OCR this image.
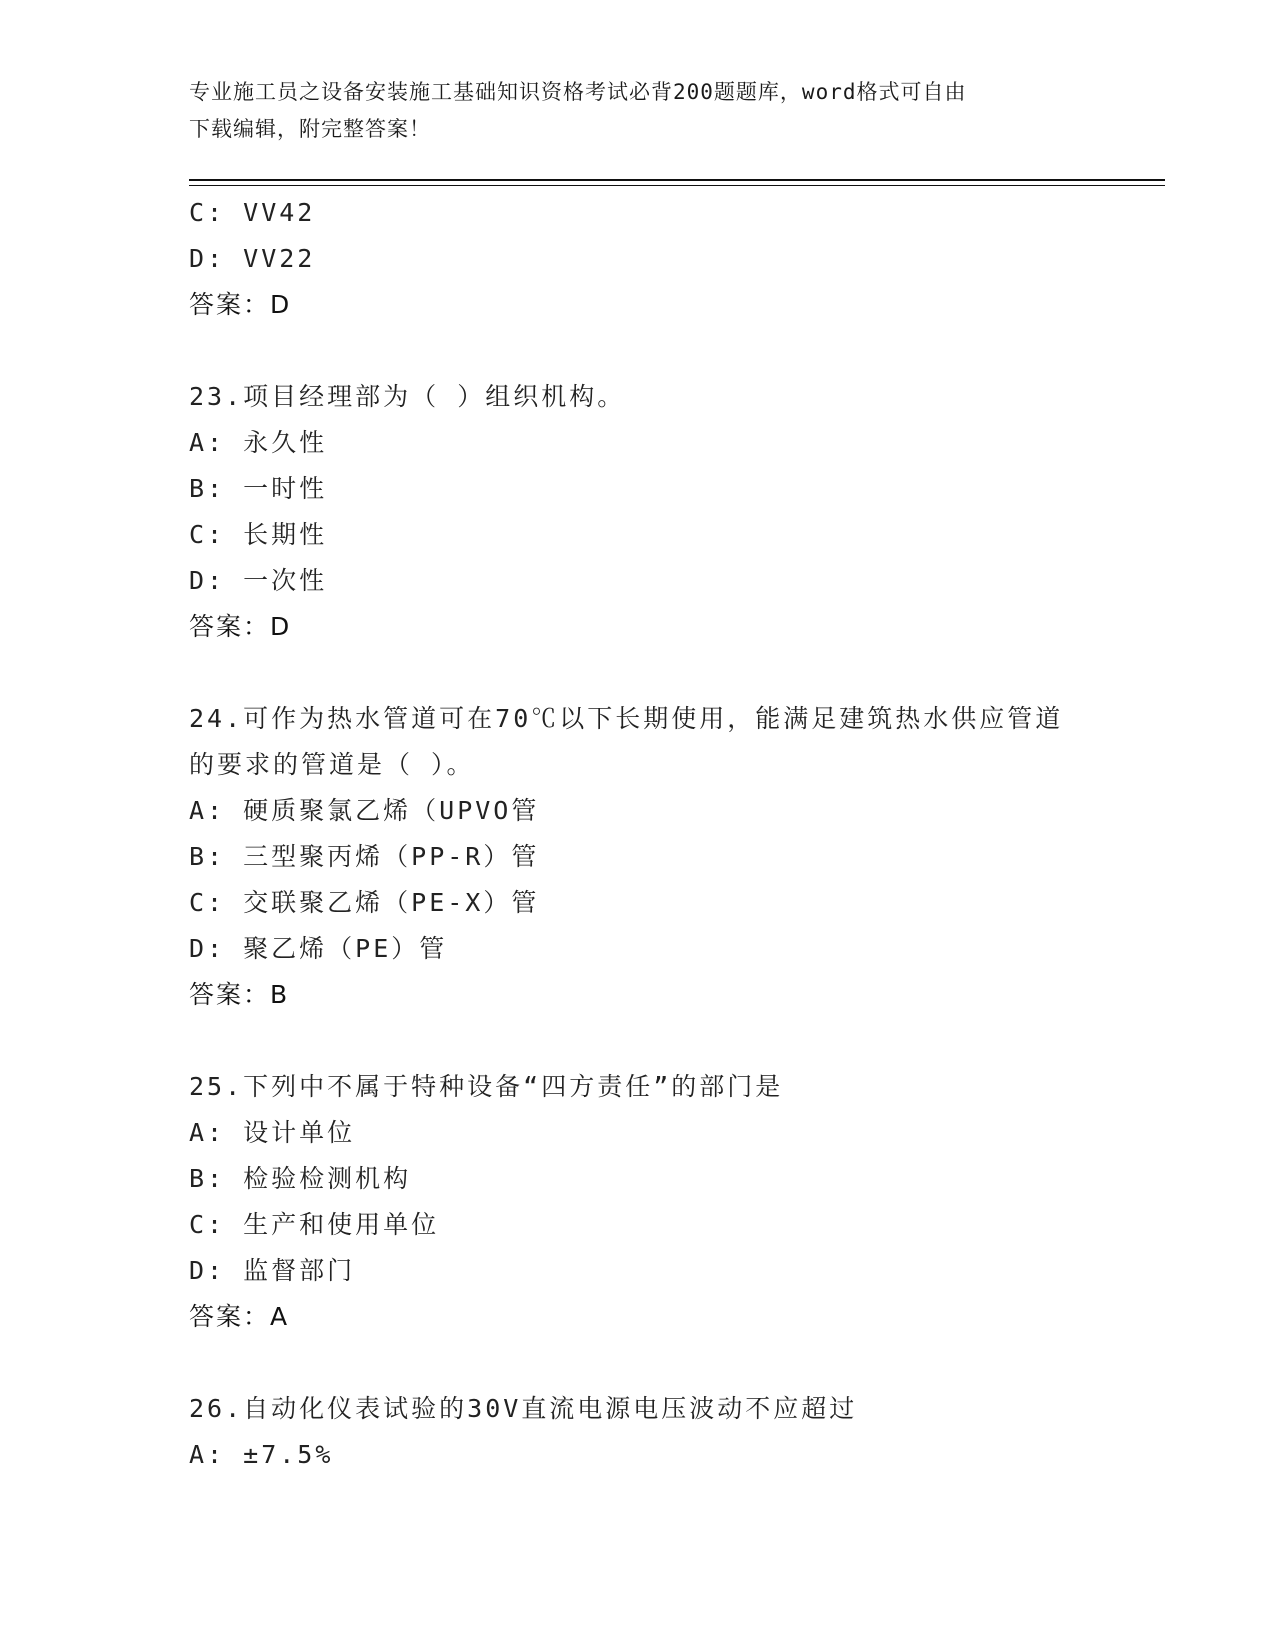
专业施工员之设备安装施工基础知识资格考试必背200题题库，word格式可自由
下载编辑，附完整答案！
C: VV42
D: VV22
答案：D
23.项目经理部为（ ）组织机构。
A: 永久性
B: 一时性
C: 长期性
D: 一次性
答案：D
24.可作为热水管道可在70℃以下长期使用，能满足建筑热水供应管道
的要求的管道是（ ）。
A: 硬质聚氯乙烯（UPVO管
B: 三型聚丙烯（PP-R）管
C: 交联聚乙烯（PE-X）管
D: 聚乙烯（PE）管
答案：B
25.下列中不属于特种设备“四方责任”的部门是
A: 设计单位
B: 检验检测机构
C: 生产和使用单位
D: 监督部门
答案：A
26.自动化仪表试验的30V直流电源电压波动不应超过
A: ±7.5%
